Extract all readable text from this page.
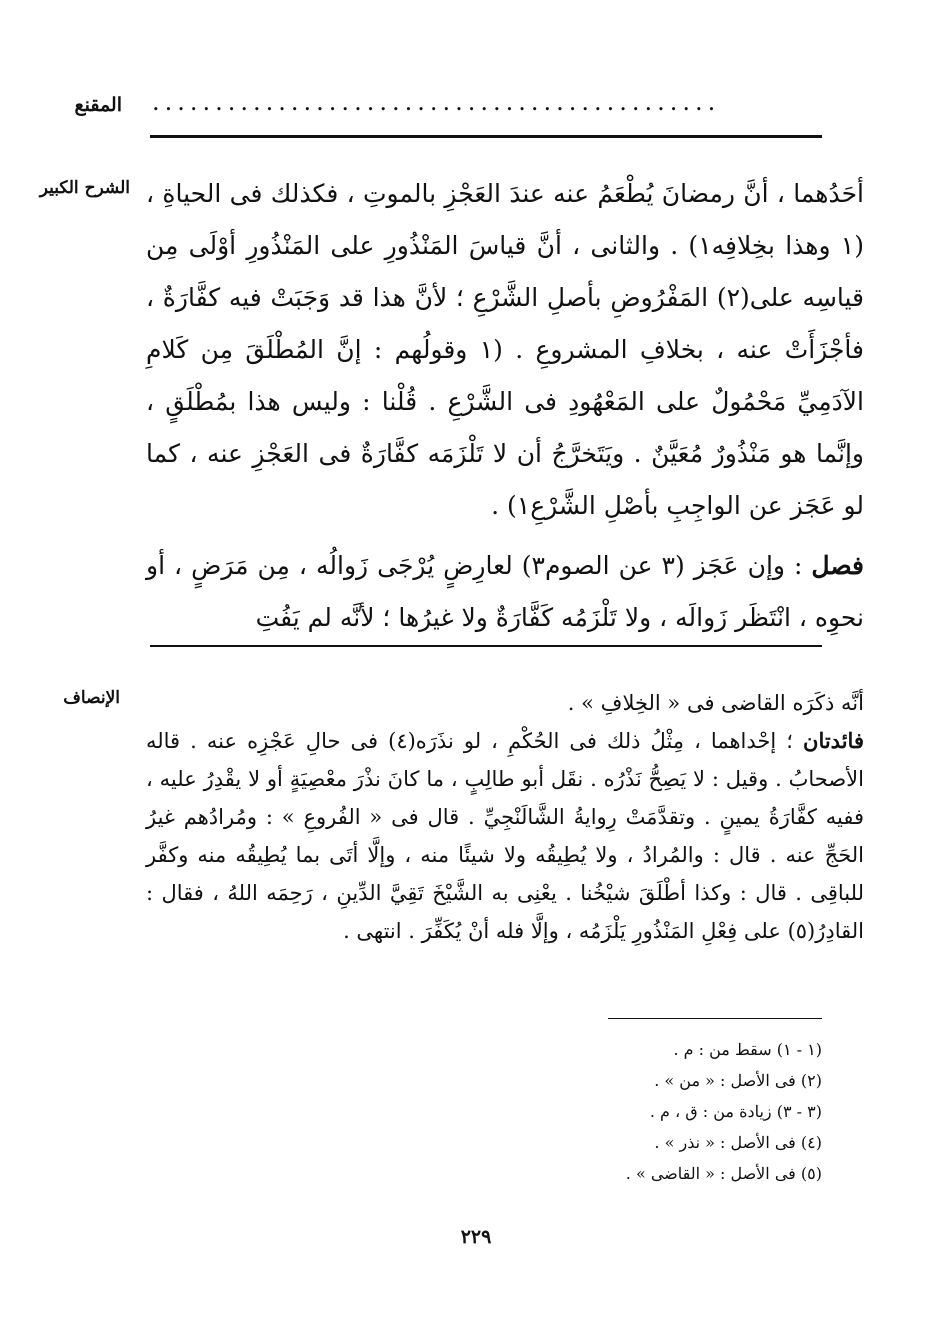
المقنع .............................................
الشرح الكبير أحَدُهما ، أنَّ رمضانَ يُطْعَمُ عنه عندَ العَجْزِ بالموتِ ، فكذلك فى الحياةِ ، (١ وهذا بخِلافِه١) . والثانى ، أنَّ قياسَ المَنْذُورِ على المَنْذُورِ أوْلَى مِن قياسِه على(٢) المَفْرُوضِ بأصلِ الشَّرْعِ ؛ لأنَّ هذا قد وَجَبَتْ فيه كفَّارَةٌ ، فأجْزَأَتْ عنه ، بخلافِ المشروعِ . (١ وقولُهم : إنَّ المُطْلَقَ مِن كَلامِ الآدَمِيِّ مَحْمُولٌ على المَعْهُودِ فى الشَّرْعِ . قُلْنا : وليس هذا بمُطْلَقٍ ، وإنَّما هو مَنْذُورٌ مُعَيَّنٌ . ويَتَخرَّجُ أن لا تَلْزَمَه كفَّارَةٌ فى العَجْزِ عنه ، كما لو عَجَز عن الواجِبِ بأصْلِ الشَّرْعِ١) .

فصل : وإن عَجَز (٣ عن الصوم٣) لعارِضٍ يُرْجَى زَوالُه ، مِن مَرَضٍ ، أو نحوِه ، انْتَظَر زَوالَه ، ولا تَلْزَمُه كَفَّارَةٌ ولا غيرُها ؛ لأنَّه لم يَفُتِ

الإنصاف	أنَّه ذكَرَه القاضى فى « الخِلافِ » .

فائدتان ؛ إحْداهما ، مِثْلُ ذلك فى الحُكْمِ ، لو نذَرَه(٤) فى حالِ عَجْزِه عنه . قاله الأصحابُ . وقيل : لا يَصِحُّ نَذْرُه . نقَل أبو طالِبٍ ، ما كانَ نذْرَ معْصِيَةٍ أو لا يقْدِرُ عليه ، ففيه كفَّارَةُ يمينٍ . وتقدَّمَتْ رِوايةُ الشَّالَنْجِيِّ . قال فى « الفُروعِ » : ومُرادُهم غيرُ الحَجِّ عنه . قال : والمُرادُ ، ولا يُطِيقُه ولا شيئًا منه ، وإلَّا أتَى بما يُطِيقُه منه وكفَّر للباقِى . قال : وكذا أطْلَقَ شيْخُنا . يعْنِى به الشَّيْخَ تَقِيَّ الدِّينِ ، رَحِمَه اللهُ ، فقال : القادِرُ(٥) على فِعْلِ المَنْذُورِ يَلْزَمُه ، وإلَّا فله أنْ يُكَفِّرَ . انتهى .

(١ - ١) سقط من : م .
(٢) فى الأصل : « من » .
(٣ - ٣) زيادة من : ق ، م .
(٤) فى الأصل : « نذر » .
(٥) فى الأصل : « القاضى » .
٢٢٩
